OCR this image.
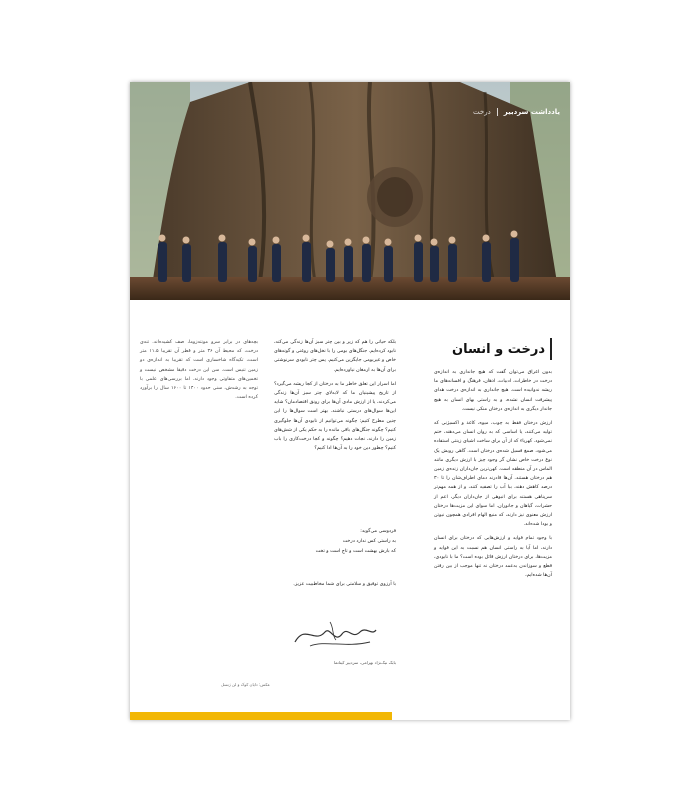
یادداشت سردبیر
درخت
درخت و انسان

بدون اغراق می‌توان گفت که هیچ جانداری به اندازه‌ی درخت در خاطرات، ادبیات، اذهان، فرهنگ و افسانه‌های ما ریشه ندوانیده است. هیچ جانداری به اندازه‌ی درخت هدای پیشرفت انسان نشده، و به راستی بهای انسان به هیچ جاندار دیگری به اندازه‌ی درختان منکی نیست.

ارزش درختان فقط به چوب، میوه، کاغذ و اکسیژنی که تولید می‌کنند، یا اساسی که به روان انسان می‌دهند، ختم نمی‌شود. کهریاء که از آن برای ساخت اشیای زینتی استفاده می‌شود، صمغ فسیل شده‌ی درختان است. گاهی رویش یک نوع درخت خاص نشان گر وجود چیز با ارزش دیگری مانند الماس در آن منطقه است. کهن‌ترین جان‌داران زنده‌ی زمین هم درختان هستند. آن‌ها قادرند دمای اطراف‌شان را تا ۳۰ درصد کاهش دهند، ببا آب را تصفیه کنند، و از همه مهم‌تر سرپناهی هستند برای انبوهی از جان‌داران دیگر، اعم از حشرات، گیاهان و جانوران. اما سوای این مزیت‌ها درختان ارزش معنوی نیز دارند، که منبع الهام افرادی همچون نیوتن و بودا شده‌اند.

با وجود تمام فواید و ارزش‌هایی که درختان برای انسان دارند، اما آیا به راستی انسان هم نسبت به این فواید و مزیت‌ها، برای درختان ارزش قائل بوده است؟ ما با نابودی، قطع و سوزاندن به‌عمد درختان نه تنها موجب از بین رفتن آن‌ها شده‌ایم،

بلکه حیاتی را هم که زیر و بین چتر سبز آن‌ها زندگی می‌کند، نابود کرده‌ایم. جنگل‌های بومی را با نخل‌های روغنی و گونه‌های خاص و غیربومی جایگزین می‌کنیم. پس چتر نابودی سرنوشتی برای آن‌ها به ارمغان نیاورده‌ایم.

اما اسرار این تعلق خاطر ما به درختان از کجا ریشه می‌گیرد؟ از تاریخ پیشینیان ما که لابه‌لای چتر سبز آن‌ها زندگی می‌کردند، یا از ارزش مادی آن‌ها برای رونق اقتصادمان؟ شاید این‌ها سوال‌های درستی نباشند. بهتر است سوال‌ها را این چنین مطرح کنیم: چگونه می‌توانیم از نابودی آن‌ها جلوگیری کنیم؟ چگونه جنگل‌های باقی مانده را به حکم یکی از شش‌های زمین را دارند، نجات دهیم؟ چگونه و کجا درخت‌کاری را باب کنیم؟ چطور دین خود را به آن‌ها ادا کنیم؟

فردوسی می‌گوید:
به راستی کس ندارد درخت
که بارش بهشت است و تاج است و تخت
با آرزوی توفیق و سلامتی برای شما مخاطبیت عزیز.
بابک نیک‌نژاد بهرامی، سردبیر کیتاتما
بچه‌های در برابر سرو مونته‌زوما، صف کشیده‌اند. تنه‌ی درخت، که محیط آن ۳۶ متر و قطر آن تقریبا ۱۱.۵ متر است، تکیه‌گاه شاخساری است که تقریبا به اندازه‌ی دو زمین تنیس است. سن این درخت دقیقا مشخص نیست و تخمین‌های متفاوتی وجود دارند. اما بررسی‌های علمی با توجه به رشدش، سنی حدود ۱۴۰۰ تا ۱۶۰۰ سال را برآورد کرده است.
عکس: دایان کوک و لن ژنسل
